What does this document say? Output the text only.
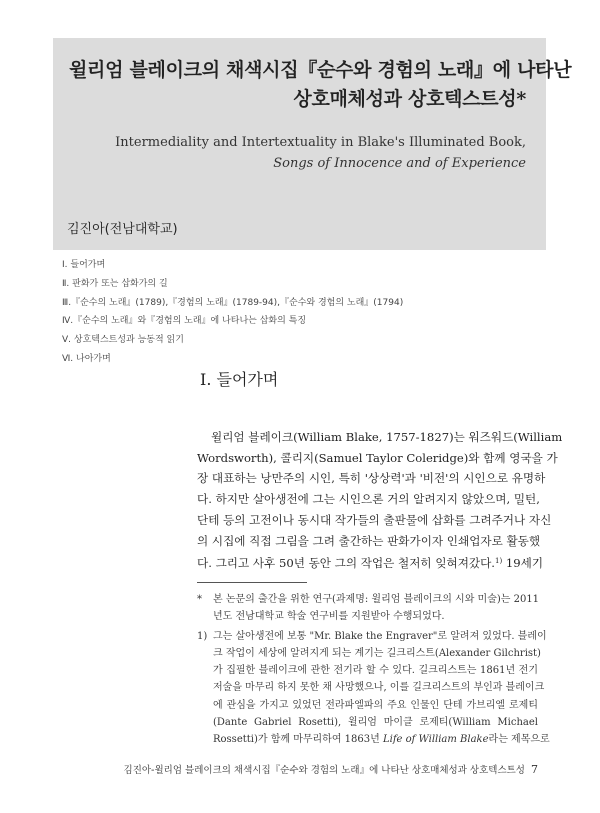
윌리엄 블레이크의 채색시집『순수와 경험의 노래』에 나타난
상호매체성과 상호텍스트성*
Intermediality and Intertextuality in Blake's Illuminated Book,
Songs of Innocence and of Experience
김진아(전남대학교)
Ⅰ. 들어가며
Ⅱ. 판화가 또는 삽화가의 길
Ⅲ.『순수의 노래』(1789),『경험의 노래』(1789-94),『순수와 경험의 노래』(1794)
Ⅳ.『순수의 노래』와『경험의 노래』에 나타나는 삽화의 특징
Ⅴ. 상호텍스트성과 능동적 읽기
Ⅵ. 나아가며
Ⅰ. 들어가며
윌리엄 블레이크(William Blake, 1757-1827)는 워즈워드(William
Wordsworth), 콜리지(Samuel Taylor Coleridge)와 함께 영국을 가
장 대표하는 낭만주의 시인, 특히 '상상력'과 '비전'의 시인으로 유명하
다. 하지만 살아생전에 그는 시인으론 거의 알려지지 않았으며, 밀턴,
단테 등의 고전이나 동시대 작가들의 출판물에 삽화를 그려주거나 자신
의 시집에 직접 그림을 그려 출간하는 판화가이자 인쇄업자로 활동했
다. 그리고 사후 50년 동안 그의 작업은 철저히 잊혀져갔다.$^{1)}$ 19세기
* 본 논문의 출간을 위한 연구(과제명: 윌리엄 블레이크의 시와 미술)는 2011
년도 전남대학교 학술 연구비를 지원받아 수행되었다.
1) 그는 살아생전에 보통 "Mr. Blake the Engraver"로 알려져 있었다. 블레이
크 작업이 세상에 알려지게 되는 계기는 길크리스트(Alexander Gilchrist)
가 집필한 블레이크에 관한 전기라 할 수 있다. 길크리스트는 1861년 전기
저술을 마무리 하지 못한 채 사망했으나, 이를 길크리스트의 부인과 블레이크
에 관심을 가지고 있었던 전라파엘파의 주요 인물인 단테 가브리엘 로제티
(Dante Gabriel Rosetti), 윌리엄 마이클 로제티(William Michael
Rossetti)가 함께 마무리하여 1863년 Life of William Blake라는 제목으로
김진아-윌리엄 블레이크의 채색시집『순수와 경험의 노래』에 나타난 상호매체성과 상호텍스트성 7
